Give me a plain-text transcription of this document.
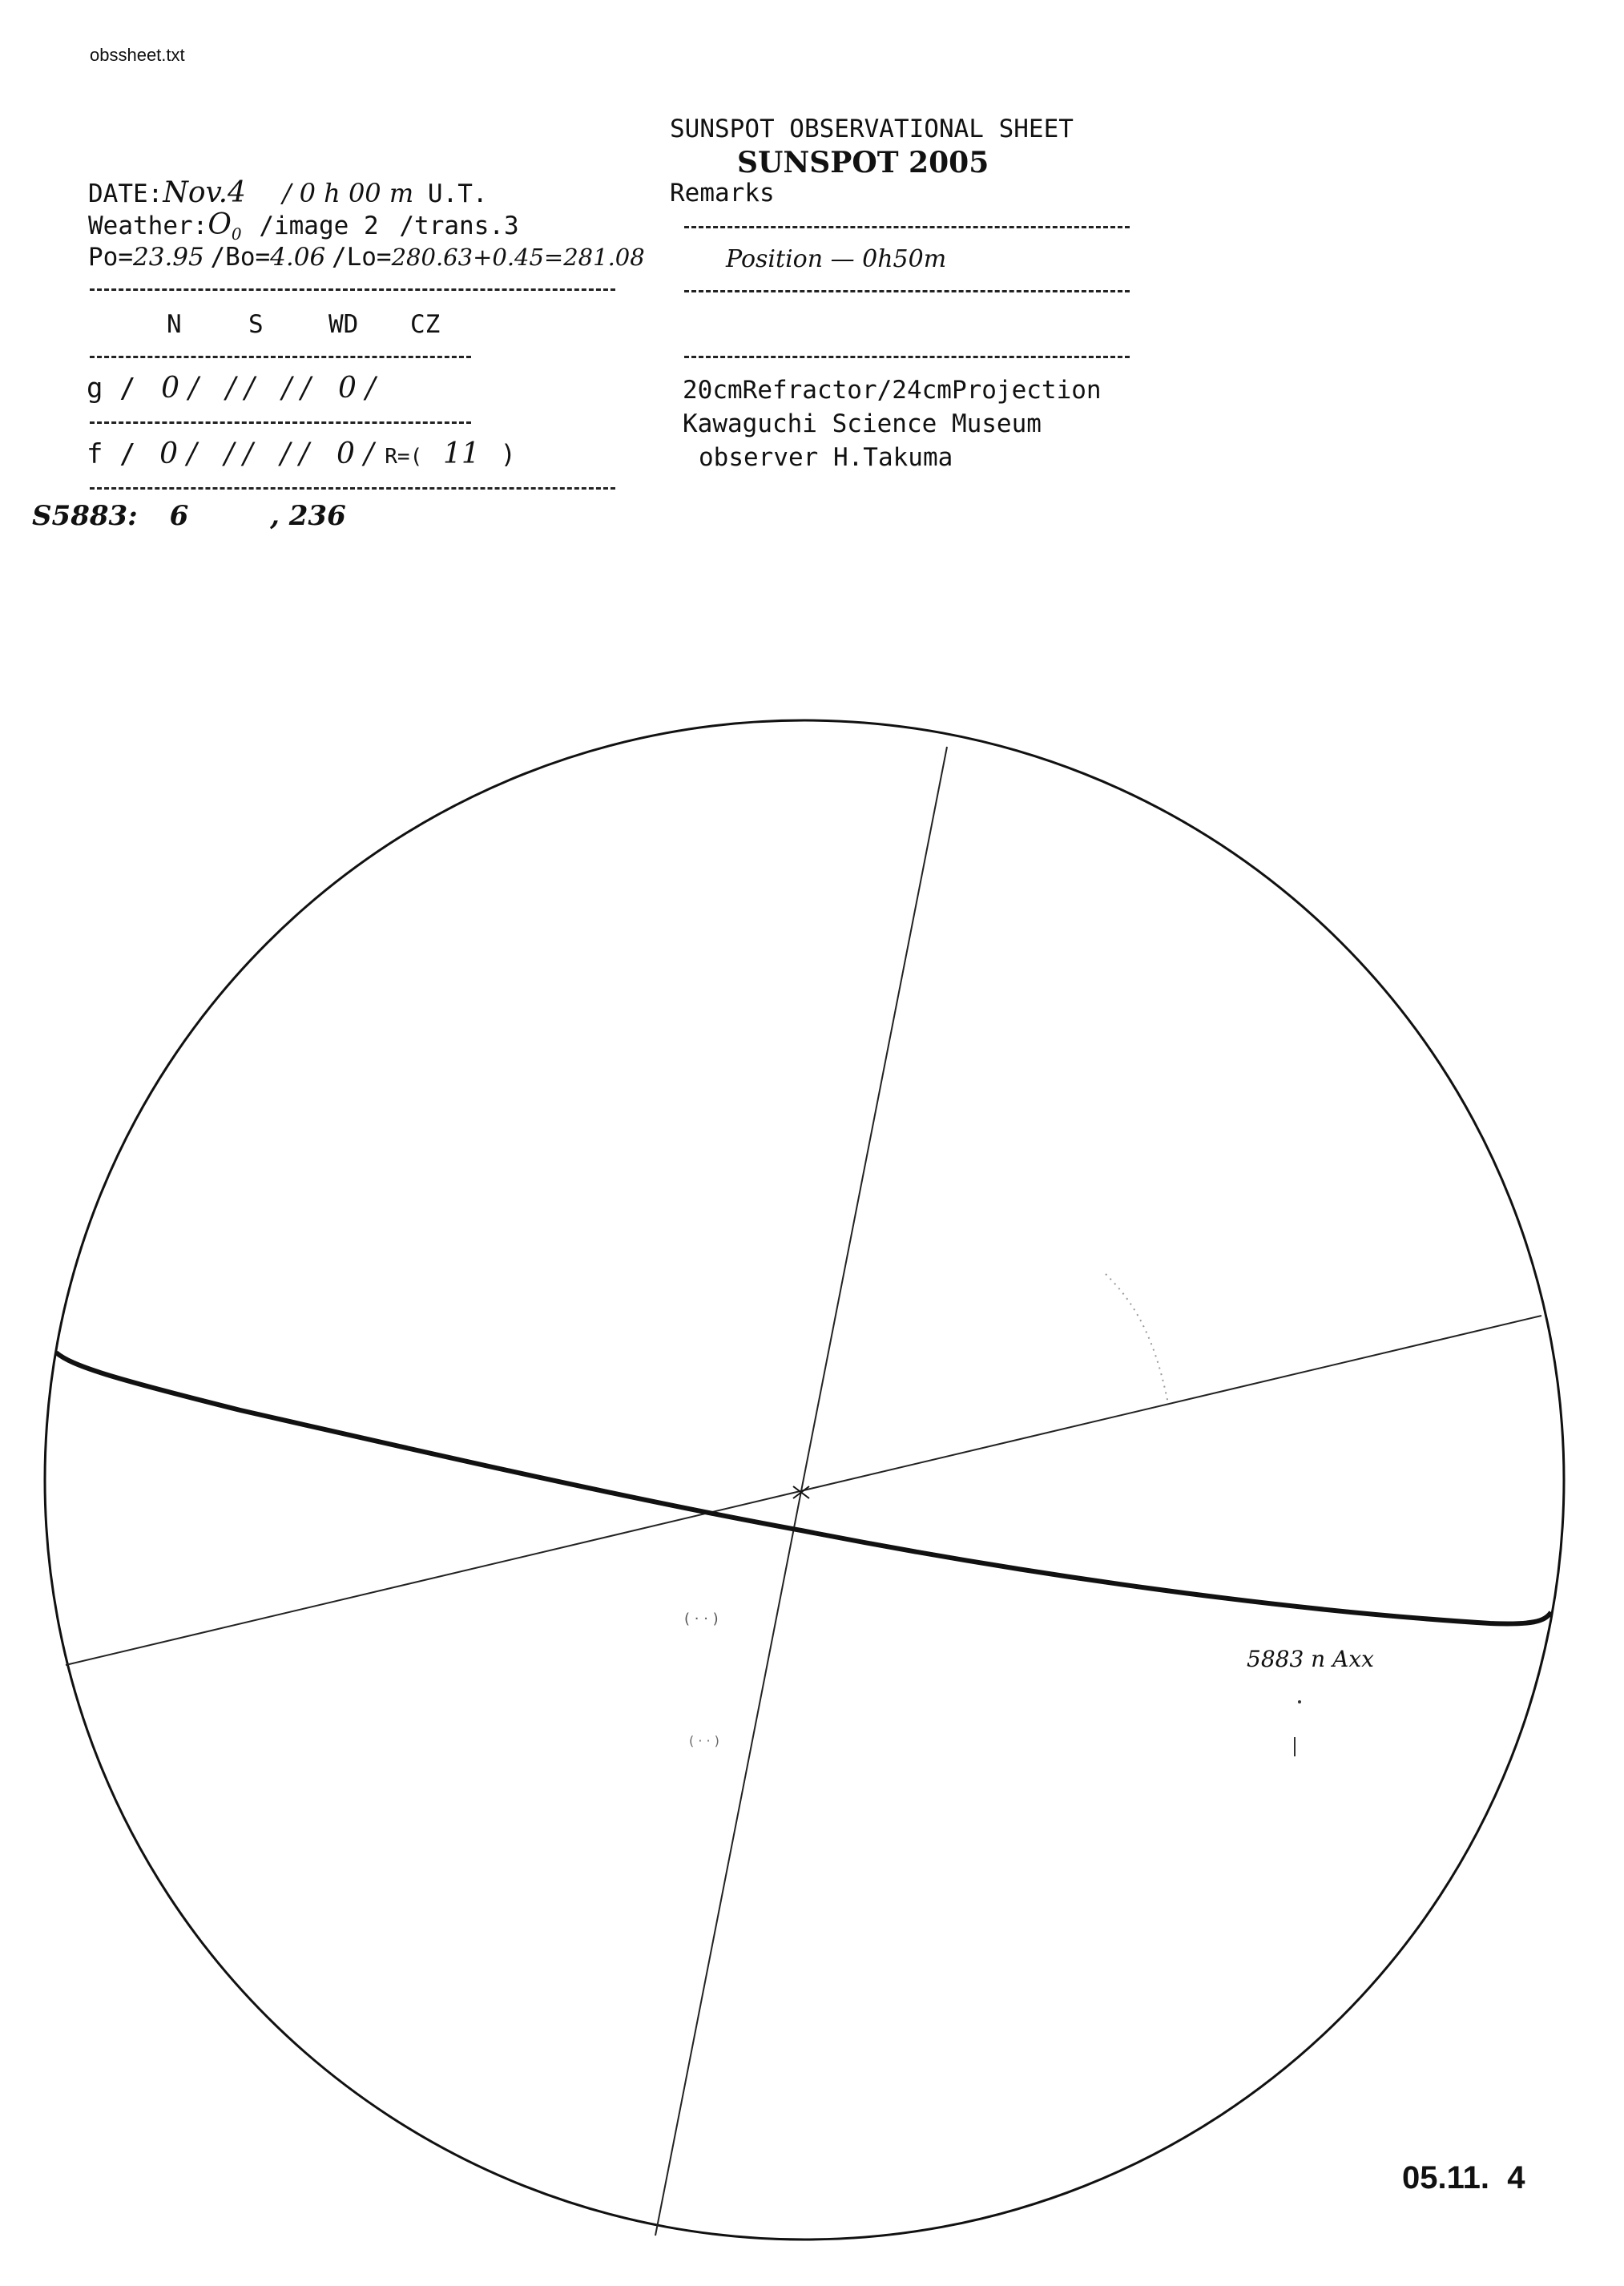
obssheet.txt
SUNSPOT OBSERVATIONAL SHEET
SUNSPOT 2005
DATE:Nov.4 / 0 h 00 m U.T.
$Weather:O_0$ /image 2 /trans.3
Po=23.95 /Bo=4.06 /Lo=280.63+0.45=281.08
N	S	WD CZ
g / 0 /   / /   / /   0 /
f / 0 /   / /   / /   0 / R=( 11 )
S5883: 6	, 236
Remarks
Position — 0h50m
20cmRefractor/24cmProjection
Kawaguchi Science Museum
observer H.Takuma
( · · )
( · · )
5883 n Axx
05.11.  4
